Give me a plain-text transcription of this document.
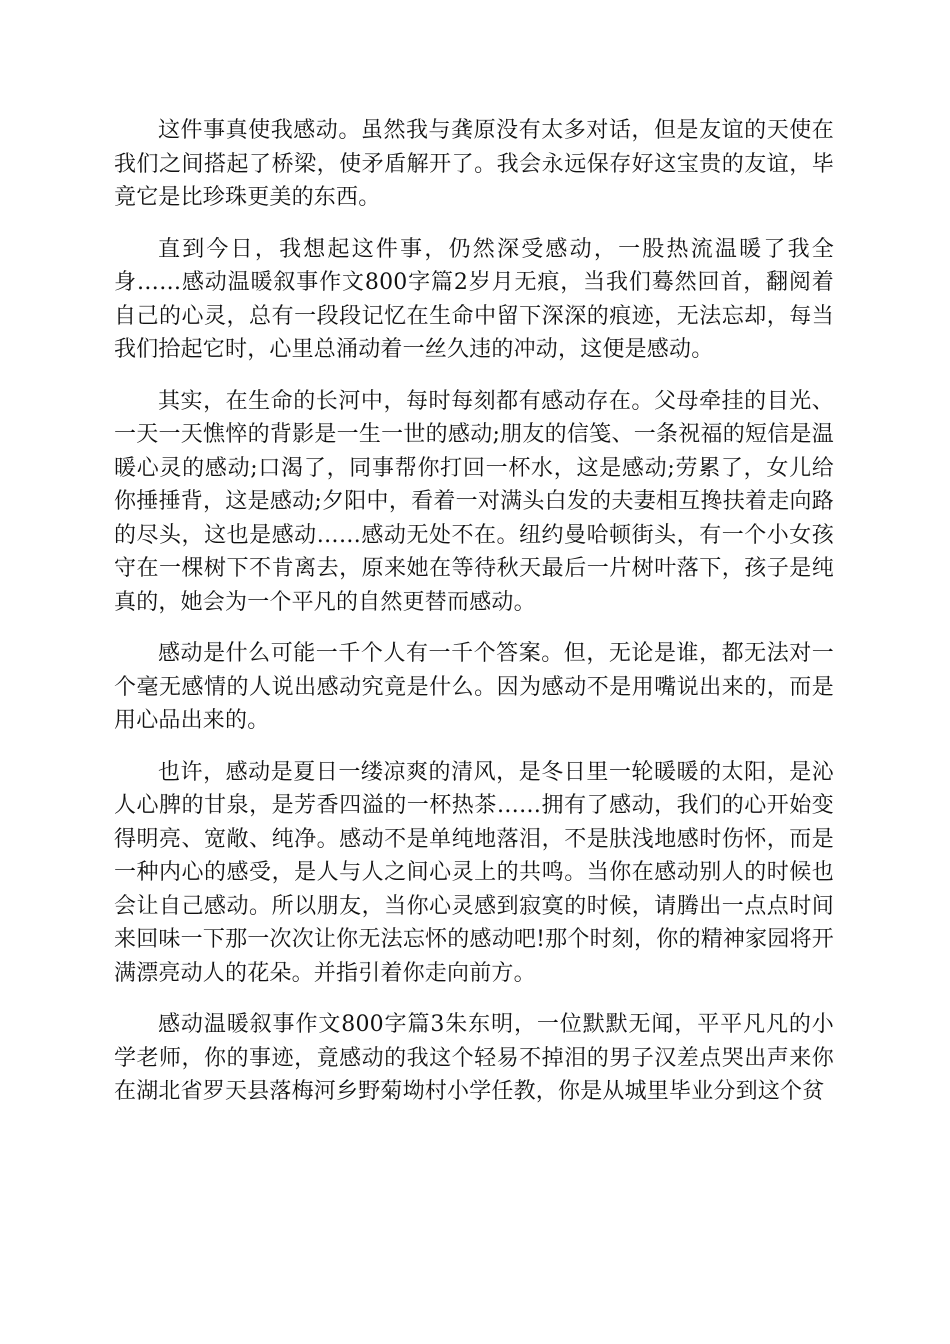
这件事真使我感动。虽然我与龚原没有太多对话，但是友谊的天使在我们之间搭起了桥梁，使矛盾解开了。我会永远保存好这宝贵的友谊，毕竟它是比珍珠更美的东西。

直到今日，我想起这件事，仍然深受感动，一股热流温暖了我全身……感动温暖叙事作文800字篇2岁月无痕，当我们蓦然回首，翻阅着自己的心灵，总有一段段记忆在生命中留下深深的痕迹，无法忘却，每当我们拾起它时，心里总涌动着一丝久违的冲动，这便是感动。

其实，在生命的长河中，每时每刻都有感动存在。父母牵挂的目光、一天一天憔悴的背影是一生一世的感动;朋友的信笺、一条祝福的短信是温暖心灵的感动;口渴了，同事帮你打回一杯水，这是感动;劳累了，女儿给你捶捶背，这是感动;夕阳中，看着一对满头白发的夫妻相互搀扶着走向路的尽头，这也是感动……感动无处不在。纽约曼哈顿街头，有一个小女孩守在一棵树下不肯离去，原来她在等待秋天最后一片树叶落下，孩子是纯真的，她会为一个平凡的自然更替而感动。

感动是什么可能一千个人有一千个答案。但，无论是谁，都无法对一个毫无感情的人说出感动究竟是什么。因为感动不是用嘴说出来的，而是用心品出来的。

也许，感动是夏日一缕凉爽的清风，是冬日里一轮暖暖的太阳，是沁人心脾的甘泉，是芳香四溢的一杯热茶……拥有了感动，我们的心开始变得明亮、宽敞、纯净。感动不是单纯地落泪，不是肤浅地感时伤怀，而是一种内心的感受，是人与人之间心灵上的共鸣。当你在感动别人的时候也会让自己感动。所以朋友，当你心灵感到寂寞的时候，请腾出一点点时间来回味一下那一次次让你无法忘怀的感动吧!那个时刻，你的精神家园将开满漂亮动人的花朵。并指引着你走向前方。

感动温暖叙事作文800字篇3朱东明，一位默默无闻，平平凡凡的小学老师，你的事迹，竟感动的我这个轻易不掉泪的男子汉差点哭出声来你在湖北省罗天县落梅河乡野菊坳村小学任教，你是从城里毕业分到这个贫
